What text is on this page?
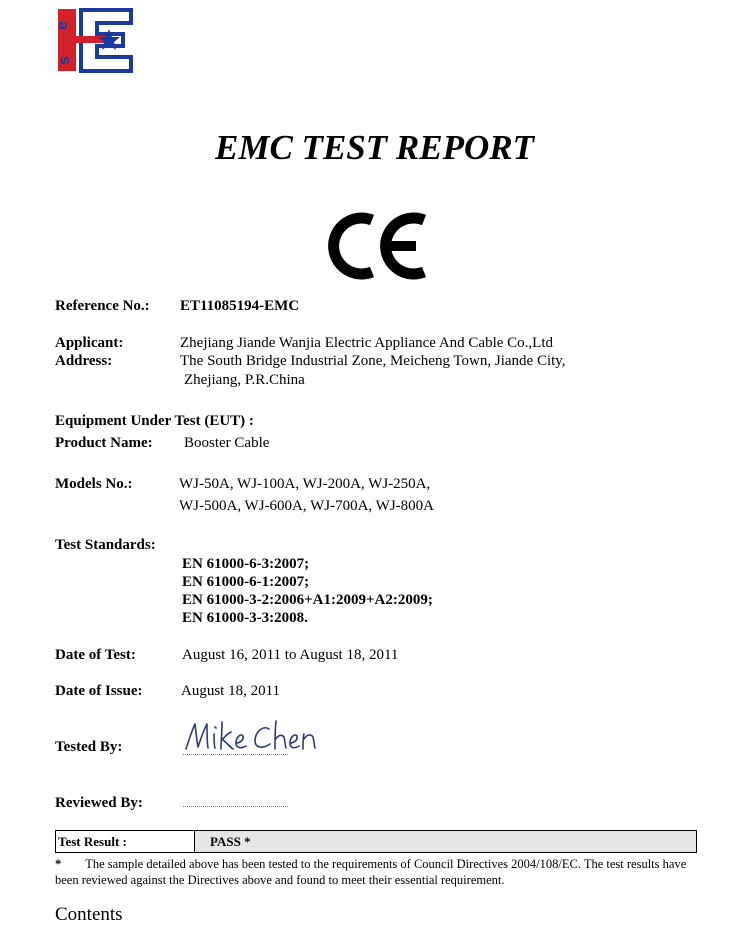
e
s
EMC TEST REPORT
Reference No.: ET11085194-EMC
Applicant:	Zhejiang Jiande Wanjia Electric Appliance And Cable Co.,Ltd
Address:	The South Bridge Industrial Zone, Meicheng Town, Jiande City,
Zhejiang, P.R.China
Equipment Under Test (EUT) :
Product Name: Booster Cable
Models No.:	WJ-50A, WJ-100A, WJ-200A, WJ-250A,
WJ-500A, WJ-600A, WJ-700A, WJ-800A
Test Standards:
EN 61000-6-3:2007;
EN 61000-6-1:2007;
EN 61000-3-2:2006+A1:2009+A2:2009;
EN 61000-3-3:2008.
Date of Test:	August 16, 2011 to August 18, 2011
Date of Issue:	August 18, 2011
Tested By:
Reviewed By:
Test Result :	PASS *
* The sample detailed above has been tested to the requirements of Council Directives 2004/108/EC. The test results have been reviewed against the Directives above and found to meet their essential requirement.
Contents
